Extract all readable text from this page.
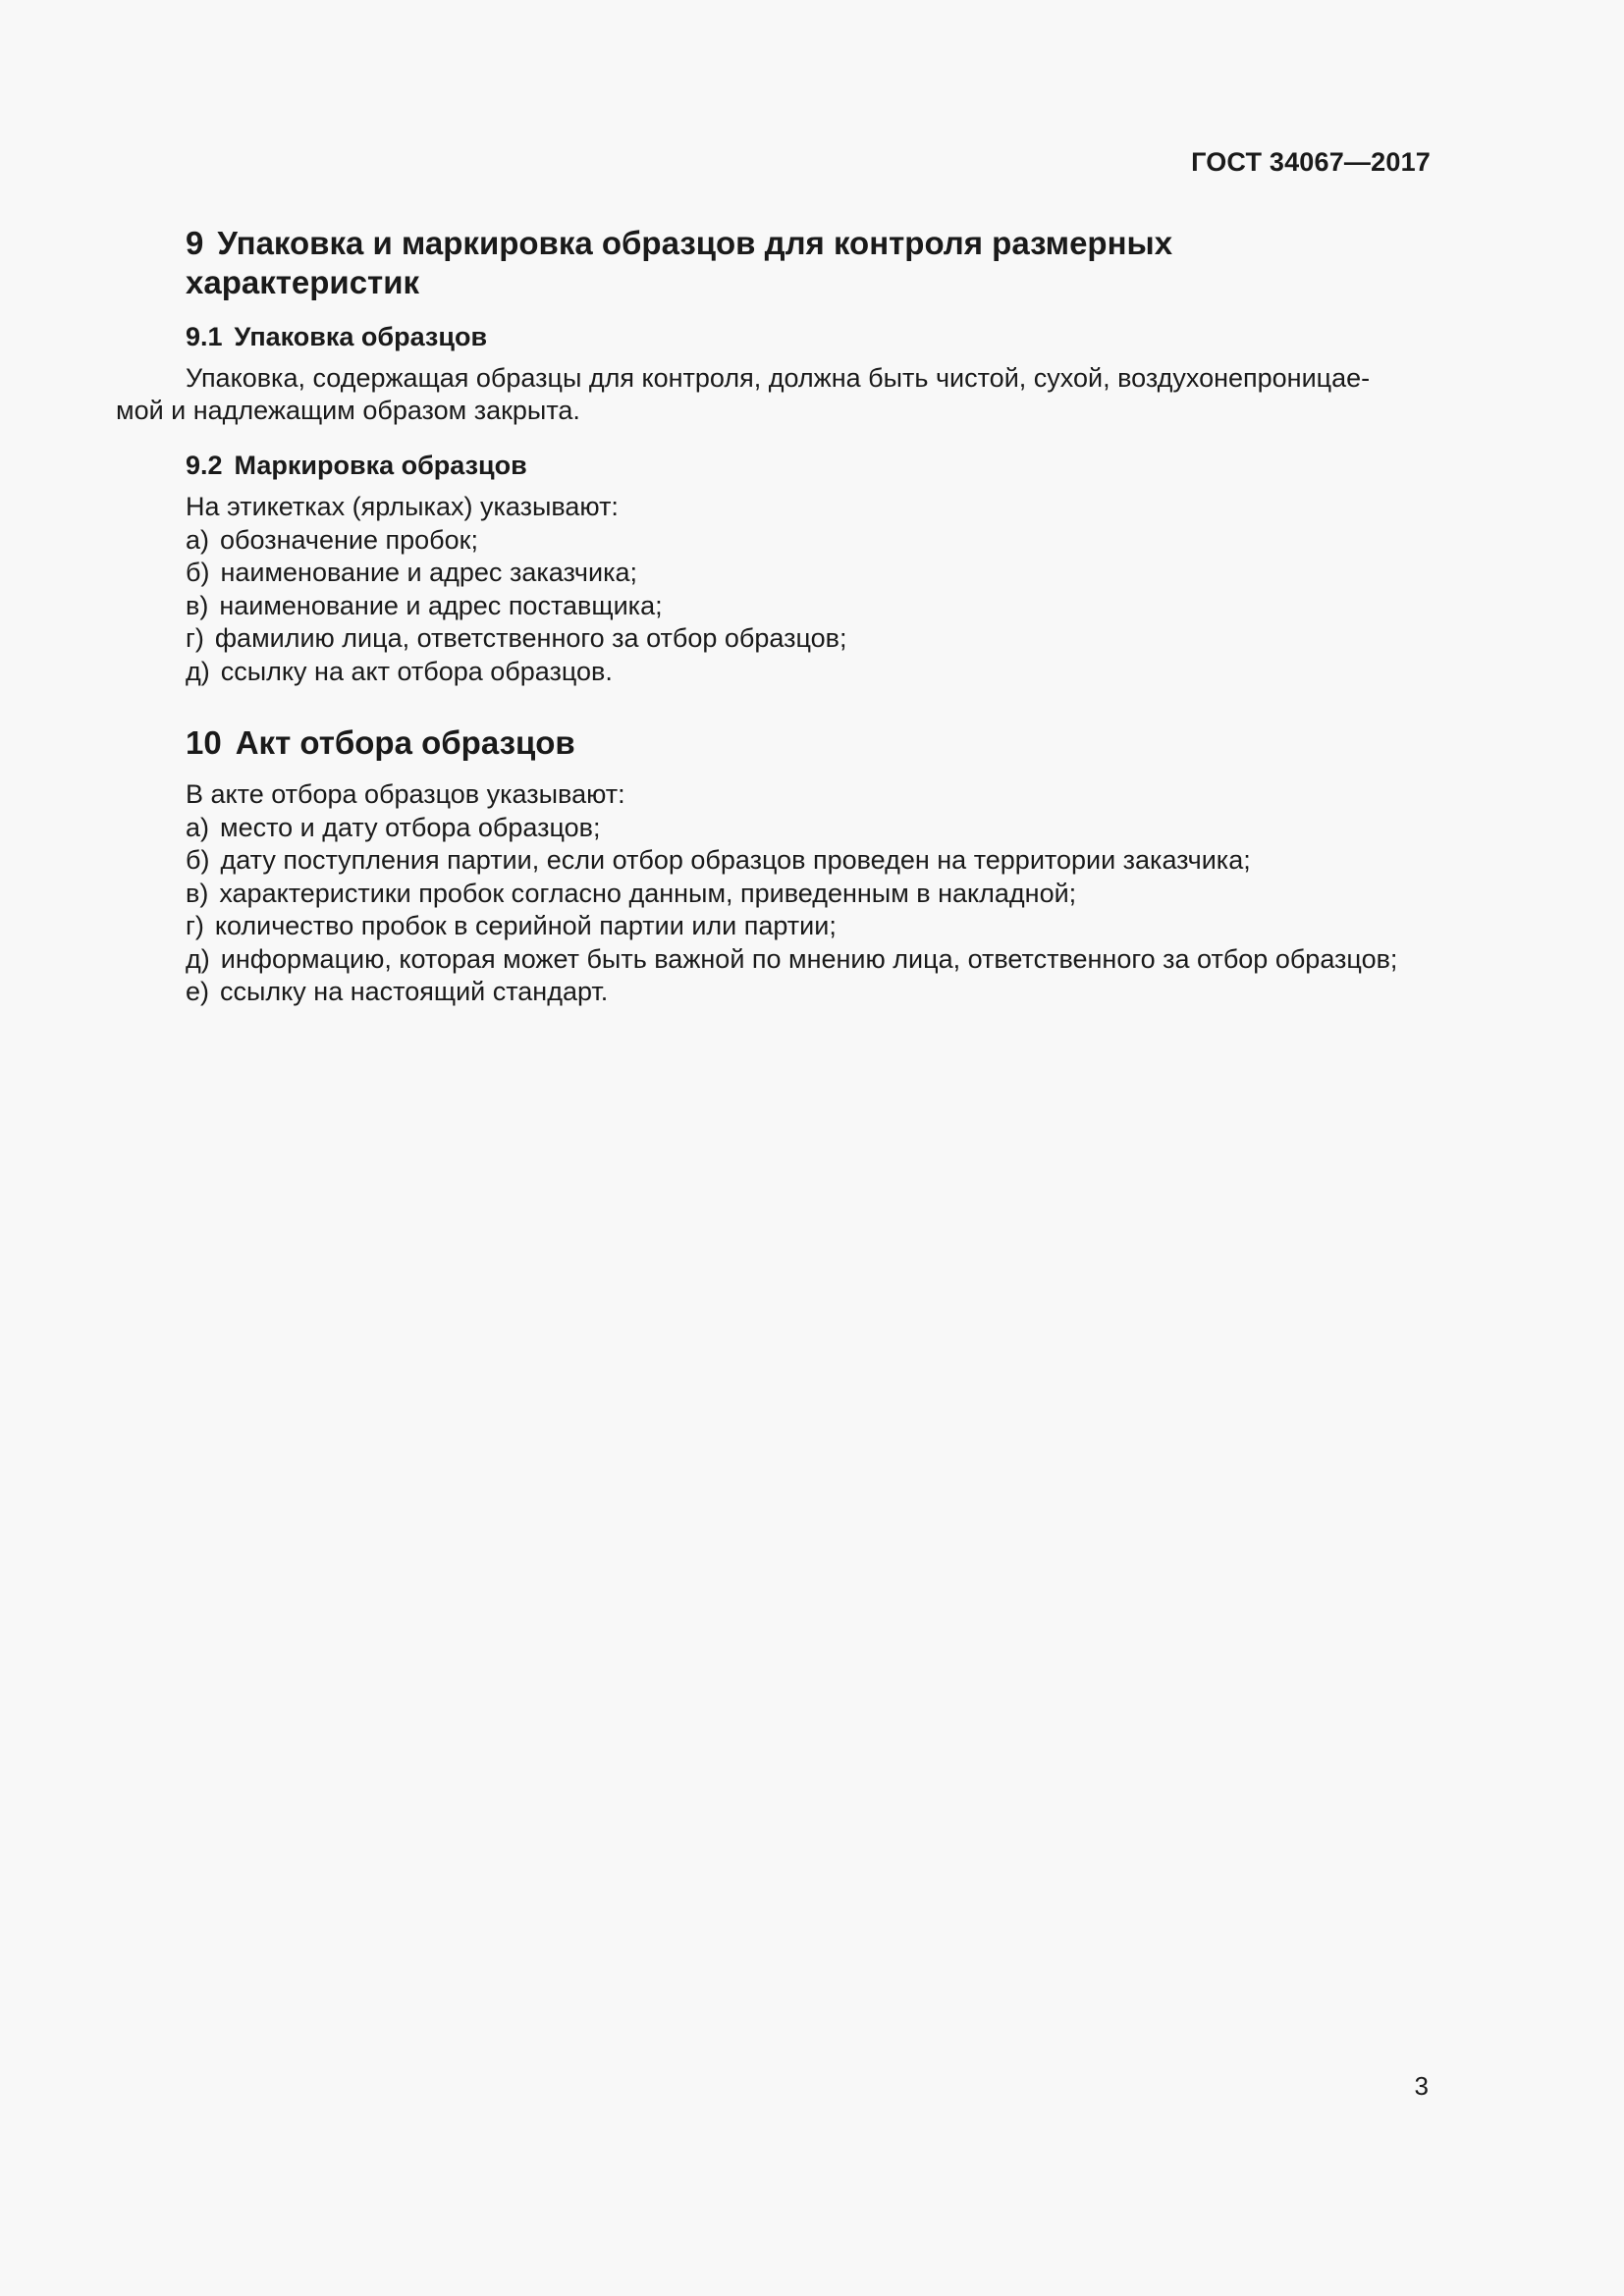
ГОСТ 34067—2017
9 Упаковка и маркировка образцов для контроля размерных
характеристик
9.1 Упаковка образцов

Упаковка, содержащая образцы для контроля, должна быть чистой, сухой, воздухонепроницае-
мой и надлежащим образом закрыта.

9.2 Маркировка образцов

На этикетках (ярлыках) указывают:

а) обозначение пробок;
б) наименование и адрес заказчика;
в) наименование и адрес поставщика;
г) фамилию лица, ответственного за отбор образцов;
д) ссылку на акт отбора образцов.
10 Акт отбора образцов

В акте отбора образцов указывают:

а) место и дату отбора образцов;
б) дату поступления партии, если отбор образцов проведен на территории заказчика;
в) характеристики пробок согласно данным, приведенным в накладной;
г) количество пробок в серийной партии или партии;
д) информацию, которая может быть важной по мнению лица, ответственного за отбор образцов;
е) ссылку на настоящий стандарт.
3
